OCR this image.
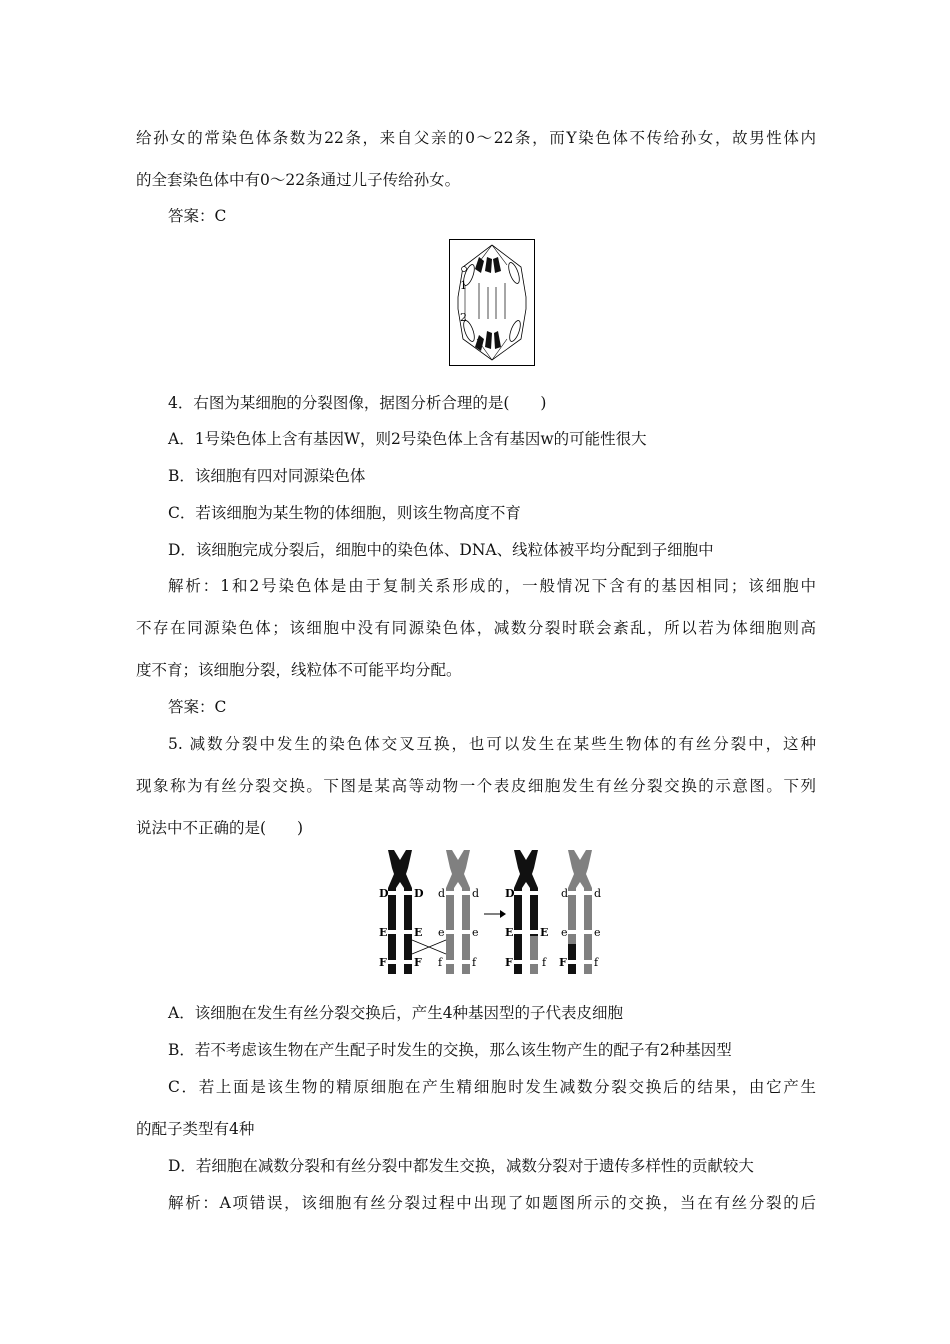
给孙女的常染色体条数为22条，来自父亲的0～22条，而Y染色体不传给孙女，故男性体内
的全套染色体中有0～22条通过儿子传给孙女。
答案：C
1
2
4．右图为某细胞的分裂图像，据图分析合理的是(　　)
A．1号染色体上含有基因W，则2号染色体上含有基因w的可能性很大
B．该细胞有四对同源染色体
C．若该细胞为某生物的体细胞，则该生物高度不育
D．该细胞完成分裂后，细胞中的染色体、DNA、线粒体被平均分配到子细胞中
解析：1和2号染色体是由于复制关系形成的，一般情况下含有的基因相同；该细胞中
不存在同源染色体；该细胞中没有同源染色体，减数分裂时联会紊乱，所以若为体细胞则高
度不育；该细胞分裂，线粒体不可能平均分配。
答案：C
5. 减数分裂中发生的染色体交叉互换，也可以发生在某些生物体的有丝分裂中，这种
现象称为有丝分裂交换。下图是某高等动物一个表皮细胞发生有丝分裂交换的示意图。下列
说法中不正确的是(　　)
D
E
F
D
E
F
d
e
f
d
e
f
D
E
F
E
f
d
e
F
d
e
f
A．该细胞在发生有丝分裂交换后，产生4种基因型的子代表皮细胞
B．若不考虑该生物在产生配子时发生的交换，那么该生物产生的配子有2种基因型
C．若上面是该生物的精原细胞在产生精细胞时发生减数分裂交换后的结果，由它产生
的配子类型有4种
D．若细胞在减数分裂和有丝分裂中都发生交换，减数分裂对于遗传多样性的贡献较大
解析：A项错误，该细胞有丝分裂过程中出现了如题图所示的交换，当在有丝分裂的后
